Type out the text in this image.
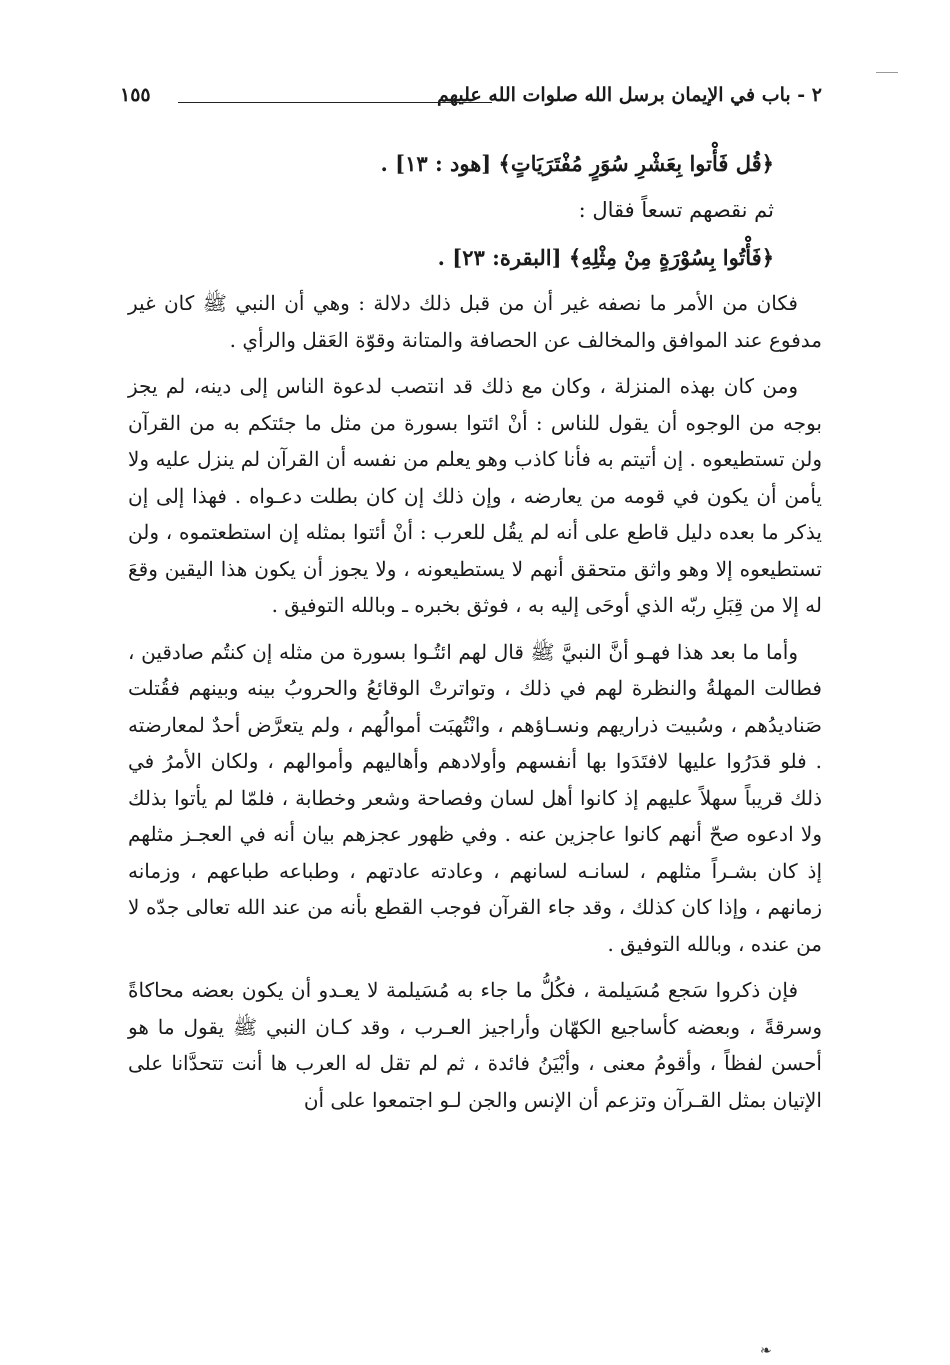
٢ - باب في الإيمان برسل الله صلوات الله عليهم
١٥٥

﴿قُل فَأْتوا بِعَشْرِ سُوَرٍ مُفْتَرَيَاتٍ﴾ [هود : ١٣] .

ثم نقصهم تسعاً فقال :

﴿فَأْتُوا بِسُوْرَةٍ مِنْ مِثْلِهِ﴾ [البقرة: ٢٣] .

فكان من الأمر ما نصفه غير أن من قبل ذلك دلالة : وهي أن النبي ﷺ كان غير مدفوع عند الموافق والمخالف عن الحصافة والمتانة وقوّة العَقل والرأي .

ومن كان بهذه المنزلة ، وكان مع ذلك قد انتصب لدعوة الناس إلى دينه، لم يجز بوجه من الوجوه أن يقول للناس : أنْ ائتوا بسورة من مثل ما جئتكم به من القرآن ولن تستطيعوه . إن أتيتم به فأنا كاذب وهو يعلم من نفسه أن القرآن لم ينزل عليه ولا يأمن أن يكون في قومه من يعارضه ، وإن ذلك إن كان بطلت دعـواه . فهذا إلى إن يذكر ما بعده دليل قاطع على أنه لم يقُل للعرب : أنْ أئتوا بمثله إن استطعتموه ، ولن تستطيعوه إلا وهو واثق متحقق أنهم لا يستطيعونه ، ولا يجوز أن يكون هذا اليقين وقعَ له إلا من قِبَلِ ربّه الذي أوحَى إليه به ، فوثق بخبره ـ وبالله التوفيق .

وأما ما بعد هذا فهـو أنَّ النبيَّ ﷺ قال لهم ائتُـوا بسورة من مثله إن كنتُم صادقين ، فطالت المهلةُ والنظرة لهم في ذلك ، وتواترتْ الوقائعُ والحروبُ بينه وبينهم فقُتلت صَناديدُهم ، وسُبيت ذراريهم ونسـاؤهم ، وانْتُهبَت أموالُهم ، ولم يتعرَّض أحدٌ لمعارضته . فلو قدَرُوا عليها لافتَدَوا بها أنفسهم وأولادهم وأهاليهم وأموالهم ، ولكان الأمرُ في ذلك قريباً سهلاً عليهم إذ كانوا أهل لسان وفصاحة وشعر وخطابة ، فلمّا لم يأتوا بذلك ولا ادعوه صحّ أنهم كانوا عاجزين عنه . وفي ظهور عجزهم بيان أنه في العجـز مثلهم إذ كان بشـراً مثلهم ، لسانـه لسانهم ، وعادته عادتهم ، وطباعه طباعهم ، وزمانه زمانهم ، وإذا كان كذلك ، وقد جاء القرآن فوجب القطع بأنه من عند الله تعالى جدّه لا من عنده ، وبالله التوفيق .

فإن ذكروا سَجع مُسَيلمة ، فكُلُّ ما جاء به مُسَيلمة لا يعـدو أن يكون بعضه محاكاةً وسرقةً ، وبعضه كأساجيع الكهّان وأراجيز العـرب ، وقد كـان النبي ﷺ يقول ما هو أحسن لفظاً ، وأقومُ معنى ، وأبْيَنُ فائدة ، ثم لم تقل له العرب ها أنت تتحدَّانا على الإتيان بمثل القـرآن وتزعم أن الإنس والجن لـو اجتمعوا على أن

❧
